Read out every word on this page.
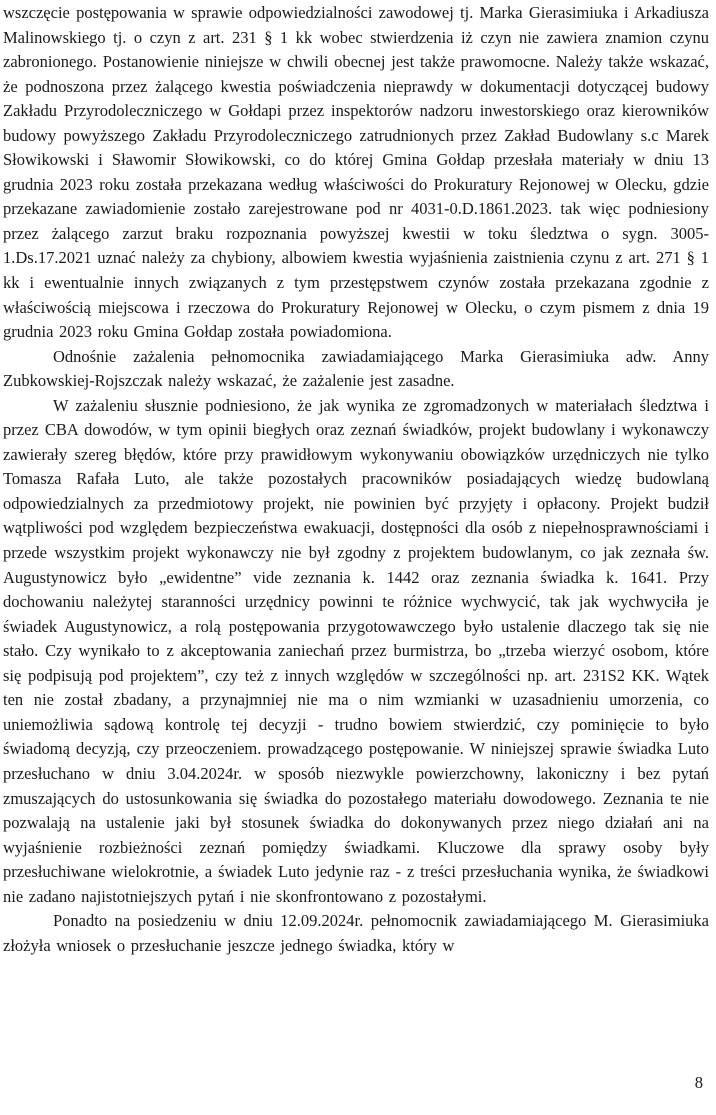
wszczęcie postępowania w sprawie odpowiedzialności zawodowej tj. Marka Gierasimiuka i Arkadiusza Malinowskiego tj. o czyn z art. 231 § 1 kk wobec stwierdzenia iż czyn nie zawiera znamion czynu zabronionego. Postanowienie niniejsze w chwili obecnej jest także prawomocne. Należy także wskazać, że podnoszona przez żalącego kwestia poświadczenia nieprawdy w dokumentacji dotyczącej budowy Zakładu Przyrodoleczniczego w Gołdapi przez inspektorów nadzoru inwestorskiego oraz kierowników budowy powyższego Zakładu Przyrodoleczniczego zatrudnionych przez Zakład Budowlany s.c Marek Słowikowski i Sławomir Słowikowski, co do której Gmina Gołdap przesłała materiały w dniu 13 grudnia 2023 roku została przekazana według właściwości do Prokuratury Rejonowej w Olecku, gdzie przekazane zawiadomienie zostało zarejestrowane pod nr 4031-0.D.1861.2023. tak więc podniesiony przez żalącego zarzut braku rozpoznania powyższej kwestii w toku śledztwa o sygn. 3005-1.Ds.17.2021 uznać należy za chybiony, albowiem kwestia wyjaśnienia zaistnienia czynu z art. 271 § 1 kk i ewentualnie innych związanych z tym przestępstwem czynów została przekazana zgodnie z właściwością miejscowa i rzeczowa do Prokuratury Rejonowej w Olecku, o czym pismem z dnia 19 grudnia 2023 roku Gmina Gołdap została powiadomiona.

Odnośnie zażalenia pełnomocnika zawiadamiającego Marka Gierasimiuka adw. Anny Zubkowskiej-Rojszczak należy wskazać, że zażalenie jest zasadne.

W zażaleniu słusznie podniesiono, że jak wynika ze zgromadzonych w materiałach śledztwa i przez CBA dowodów, w tym opinii biegłych oraz zeznań świadków, projekt budowlany i wykonawczy zawierały szereg błędów, które przy prawidłowym wykonywaniu obowiązków urzędniczych nie tylko Tomasza Rafała Luto, ale także pozostałych pracowników posiadających wiedzę budowlaną odpowiedzialnych za przedmiotowy projekt, nie powinien być przyjęty i opłacony. Projekt budził wątpliwości pod względem bezpieczeństwa ewakuacji, dostępności dla osób z niepełnosprawnościami i przede wszystkim projekt wykonawczy nie był zgodny z projektem budowlanym, co jak zeznała św. Augustynowicz było „ewidentne” vide zeznania k. 1442 oraz zeznania świadka k. 1641. Przy dochowaniu należytej staranności urzędnicy powinni te różnice wychwycić, tak jak wychwyciła je świadek Augustynowicz, a rolą postępowania przygotowawczego było ustalenie dlaczego tak się nie stało. Czy wynikało to z akceptowania zaniechań przez burmistrza, bo „trzeba wierzyć osobom, które się podpisują pod projektem”, czy też z innych względów w szczególności np. art. 231S2 KK. Wątek ten nie został zbadany, a przynajmniej nie ma o nim wzmianki w uzasadnieniu umorzenia, co uniemożliwia sądową kontrolę tej decyzji - trudno bowiem stwierdzić, czy pominięcie to było świadomą decyzją, czy przeoczeniem. prowadzącego postępowanie. W niniejszej sprawie świadka Luto przesłuchano w dniu 3.04.2024r. w sposób niezwykle powierzchowny, lakoniczny i bez pytań zmuszających do ustosunkowania się świadka do pozostałego materiału dowodowego. Zeznania te nie pozwalają na ustalenie jaki był stosunek świadka do dokonywanych przez niego działań ani na wyjaśnienie rozbieżności zeznań pomiędzy świadkami. Kluczowe dla sprawy osoby były przesłuchiwane wielokrotnie, a świadek Luto jedynie raz - z treści przesłuchania wynika, że świadkowi nie zadano najistotniejszych pytań i nie skonfrontowano z pozostałymi.

Ponadto na posiedzeniu w dniu 12.09.2024r. pełnomocnik zawiadamiającego M. Gierasimiuka złożyła wniosek o przesłuchanie jeszcze jednego świadka, który w

8
